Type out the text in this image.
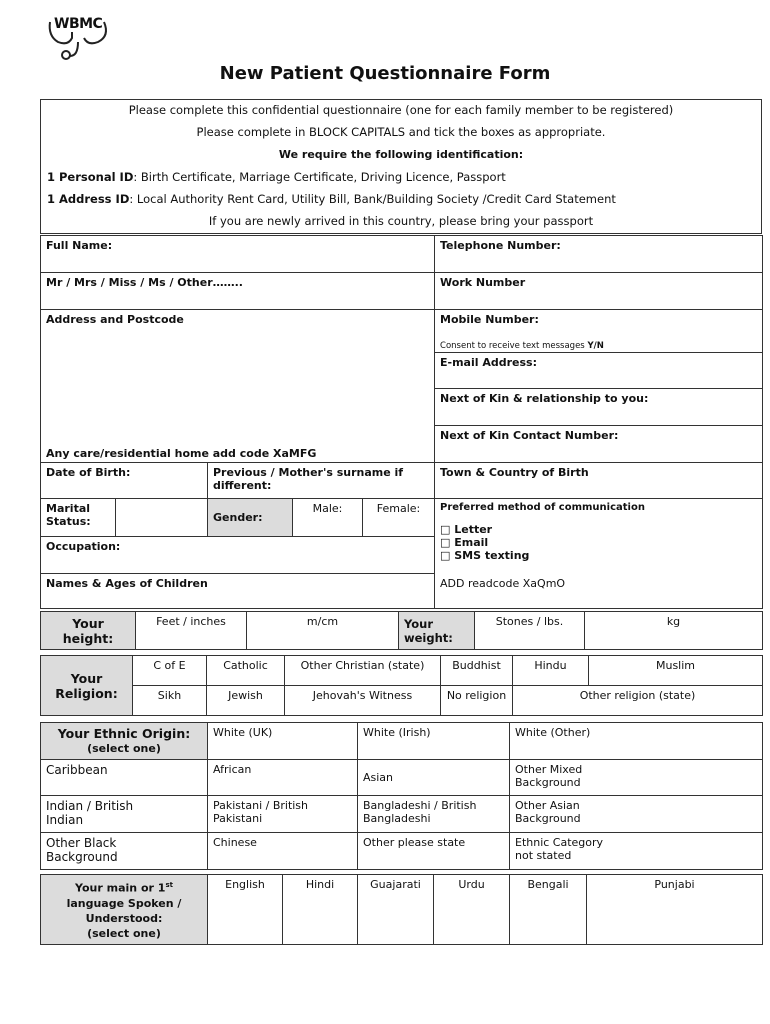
WBMC
New Patient Questionnaire Form
Please complete this confidential questionnaire (one for each family member to be registered)
Please complete in BLOCK CAPITALS and tick the boxes as appropriate.
We require the following identification:
1 Personal ID: Birth Certificate, Marriage Certificate, Driving Licence, Passport
1 Address ID: Local Authority Rent Card, Utility Bill, Bank/Building Society /Credit Card Statement
If you are newly arrived in this country, please bring your passport
Full Name:					Telephone Number:
Mr / Mrs / Miss / Ms / Other……..					Work Number
Address and Postcode
Any care/residential home add code XaMFG					Mobile Number:
Consent to receive text messages Y/N

					E-mail Address:
					Next of Kin & relationship to you:
					Next of Kin Contact Number:
Date of Birth:		Previous / Mother's surname if different:			Town & Country of Birth
Marital Status:		Gender:	Male:	Female:	Preferred method of communication
□ Letter
□ Email
□ SMS texting
ADD readcode XaQmO

Occupation:					
Names & Ages of Children					
Your height:	Feet / inches	m/cm	Your weight:	Stones / lbs.	kg
Your Religion:	C of E	Catholic	Other Christian (state)	Buddhist	Hindu	Muslim
	Sikh	Jewish	Jehovah's Witness	No religion	Other religion (state)	
Your Ethnic Origin:
(select one)	White (UK)	White (Irish)	White (Other)
Caribbean	African	Asian	Other Mixed Background

Indian / British Indian	Pakistani / British Pakistani	Bangladeshi / British Bangladeshi	Other Asian Background

Other Black Background	Chinese	Other please state	Ethnic Category not stated
Your main or 1st
language Spoken / Understood:
(select one)
	English	Hindi	Guajarati	Urdu	Bengali	Punjabi
